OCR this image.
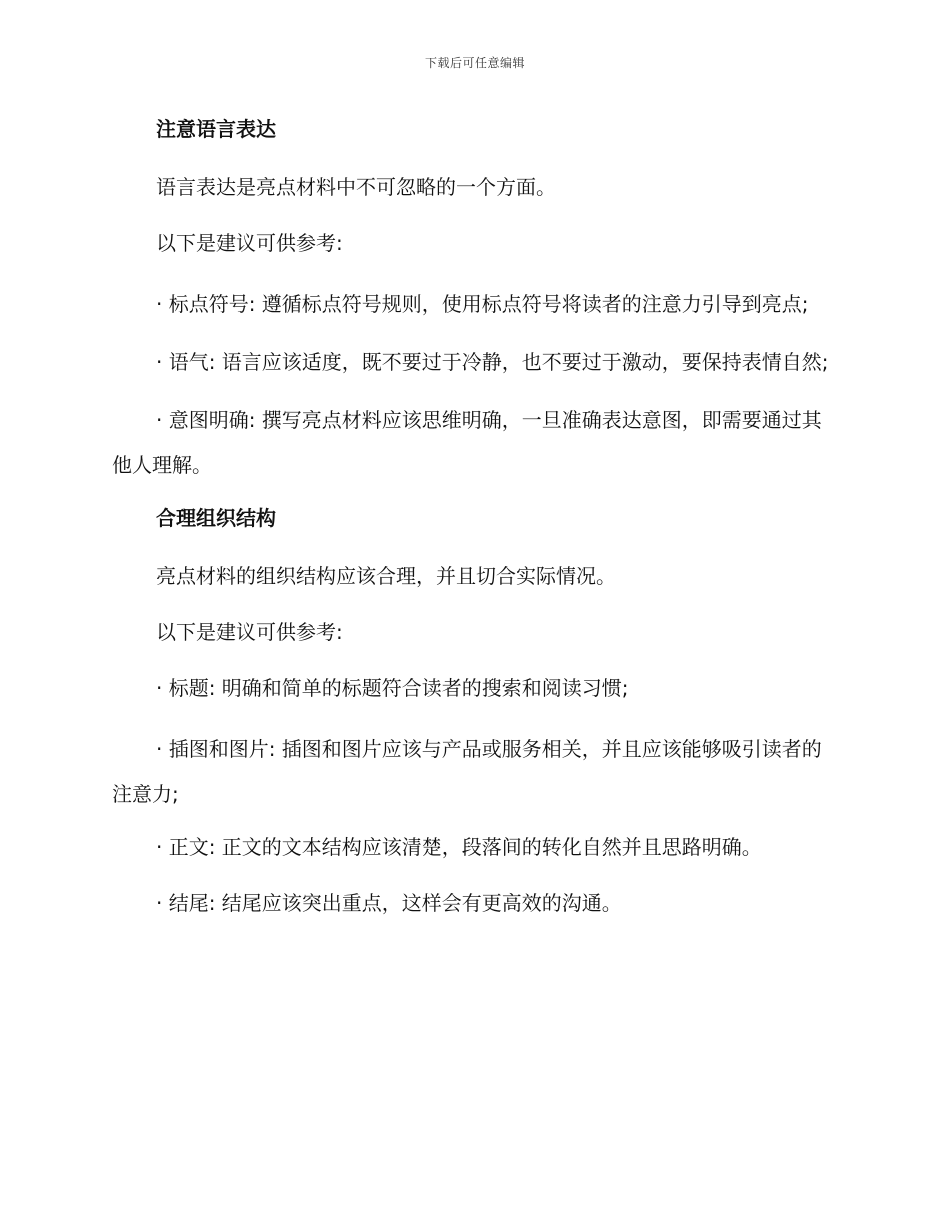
下载后可任意编辑
注意语言表达
语言表达是亮点材料中不可忽略的一个方面。
以下是建议可供参考:
· 标点符号: 遵循标点符号规则，使用标点符号将读者的注意力引导到亮点;
· 语气: 语言应该适度，既不要过于冷静，也不要过于激动，要保持表情自然;
· 意图明确: 撰写亮点材料应该思维明确，一旦准确表达意图，即需要通过其他人理解。
合理组织结构
亮点材料的组织结构应该合理，并且切合实际情况。
以下是建议可供参考:
· 标题: 明确和简单的标题符合读者的搜索和阅读习惯;
· 插图和图片: 插图和图片应该与产品或服务相关，并且应该能够吸引读者的注意力;
· 正文: 正文的文本结构应该清楚，段落间的转化自然并且思路明确。
· 结尾: 结尾应该突出重点，这样会有更高效的沟通。
